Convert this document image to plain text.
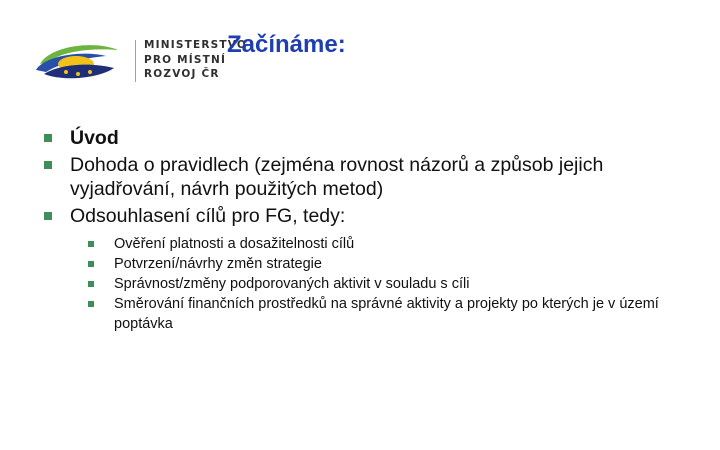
MINISTERSTVO
PRO MÍSTNÍ
ROZVOJ ČR
Začínáme:
Úvod
Dohoda o pravidlech (zejména rovnost názorů a způsob jejich vyjadřování, návrh použitých metod)
Odsouhlasení cílů pro FG, tedy:
Ověření platnosti a dosažitelnosti cílů
Potvrzení/návrhy změn strategie
Správnost/změny podporovaných aktivit v souladu s cíli
Směrování finančních prostředků na správné aktivity a projekty po kterých je v území poptávka
